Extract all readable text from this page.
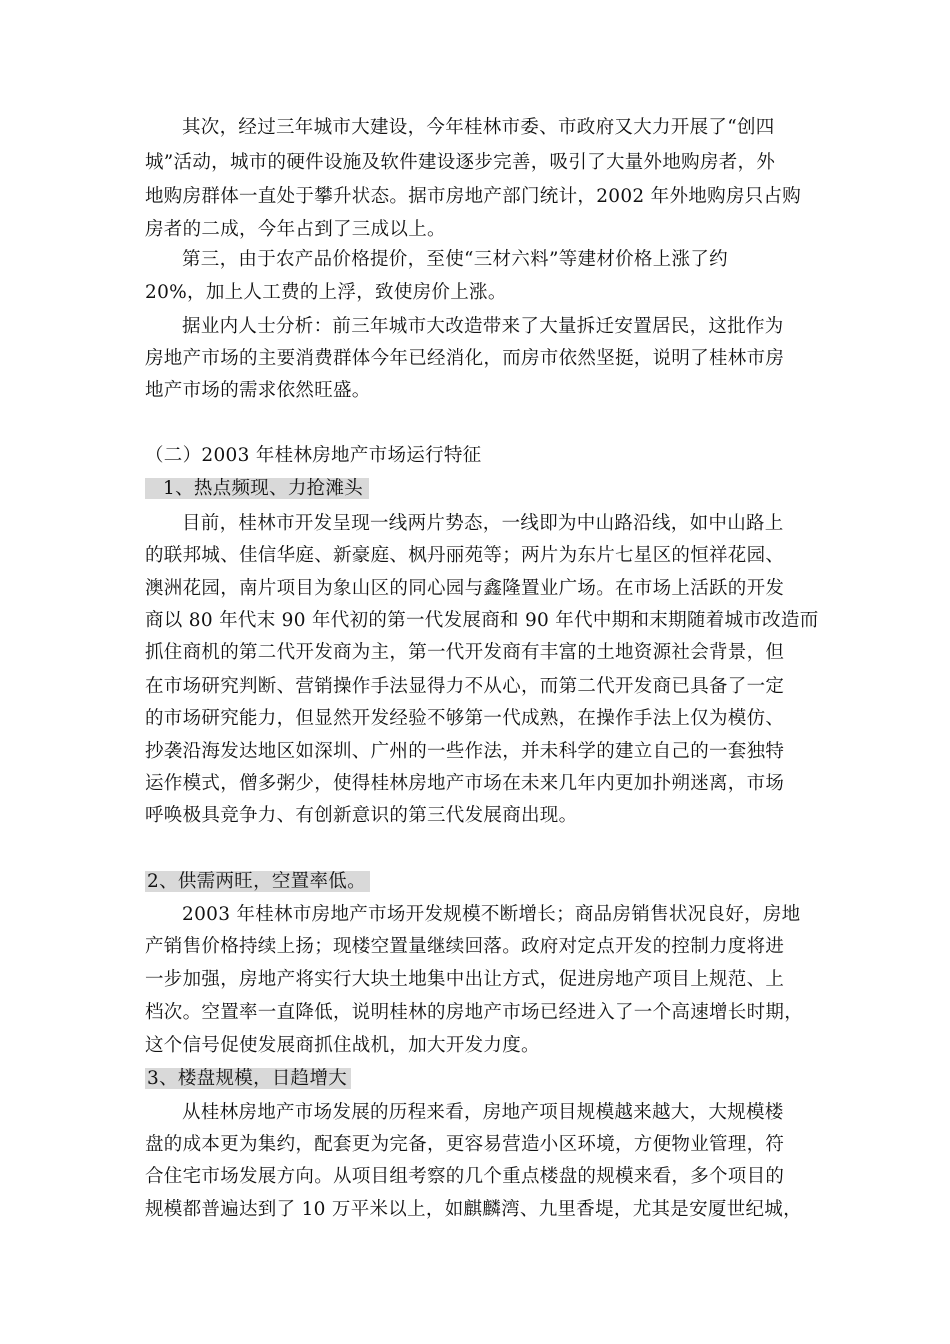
其次，经过三年城市大建设，今年桂林市委、市政府又大力开展了“创四
城”活动，城市的硬件设施及软件建设逐步完善，吸引了大量外地购房者，外
地购房群体一直处于攀升状态。据市房地产部门统计，2002 年外地购房只占购
房者的二成，今年占到了三成以上。
第三，由于农产品价格提价，至使“三材六料”等建材价格上涨了约
20%，加上人工费的上浮，致使房价上涨。
据业内人士分析：前三年城市大改造带来了大量拆迁安置居民，这批作为
房地产市场的主要消费群体今年已经消化，而房市依然坚挺，说明了桂林市房
地产市场的需求依然旺盛。
（二）2003 年桂林房地产市场运行特征
1、热点频现、力抢滩头
目前，桂林市开发呈现一线两片势态，一线即为中山路沿线，如中山路上
的联邦城、佳信华庭、新豪庭、枫丹丽苑等；两片为东片七星区的恒祥花园、
澳洲花园，南片项目为象山区的同心园与鑫隆置业广场。在市场上活跃的开发
商以 80 年代末 90 年代初的第一代发展商和 90 年代中期和末期随着城市改造而
抓住商机的第二代开发商为主，第一代开发商有丰富的土地资源社会背景，但
在市场研究判断、营销操作手法显得力不从心，而第二代开发商已具备了一定
的市场研究能力，但显然开发经验不够第一代成熟，在操作手法上仅为模仿、
抄袭沿海发达地区如深圳、广州的一些作法，并未科学的建立自己的一套独特
运作模式，僧多粥少，使得桂林房地产市场在未来几年内更加扑朔迷离，市场
呼唤极具竞争力、有创新意识的第三代发展商出现。
2、供需两旺，空置率低。
2003 年桂林市房地产市场开发规模不断增长；商品房销售状况良好，房地
产销售价格持续上扬；现楼空置量继续回落。政府对定点开发的控制力度将进
一步加强，房地产将实行大块土地集中出让方式，促进房地产项目上规范、上
档次。空置率一直降低，说明桂林的房地产市场已经进入了一个高速增长时期，
这个信号促使发展商抓住战机，加大开发力度。
3、楼盘规模，日趋增大
从桂林房地产市场发展的历程来看，房地产项目规模越来越大，大规模楼
盘的成本更为集约，配套更为完备，更容易营造小区环境，方便物业管理，符
合住宅市场发展方向。从项目组考察的几个重点楼盘的规模来看，多个项目的
规模都普遍达到了 10 万平米以上，如麒麟湾、九里香堤，尤其是安厦世纪城，
